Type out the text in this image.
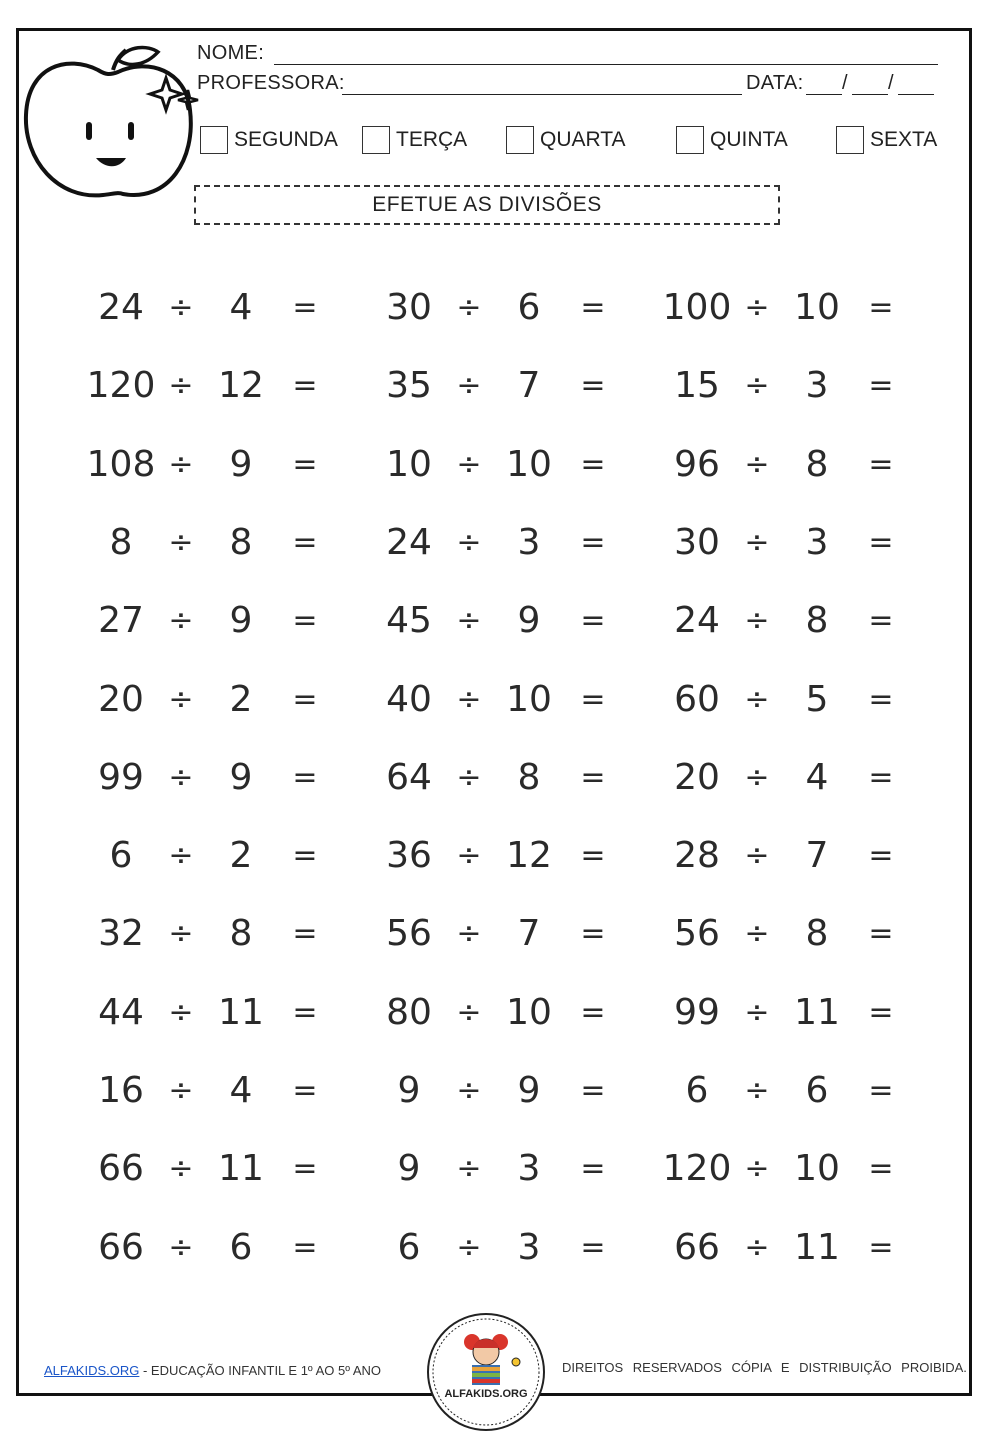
NOME:
PROFESSORA:	DATA: / /
SEGUNDA	TERÇA	QUARTA	QUINTA	SEXTA
EFETUE AS DIVISÕES
24 ÷ 4	=	30 ÷ 6	=	100 ÷ 10 =
120 ÷ 12 =	35 ÷ 7	=	15 ÷ 3	=
108 ÷ 9	=	10 ÷ 10 =	96 ÷ 8	=
8	÷ 8	=	24 ÷ 3	=	30 ÷ 3	=
27 ÷ 9	=	45 ÷ 9	=	24 ÷ 8	=
20 ÷ 2	=	40 ÷ 10 =	60 ÷ 5	=
99 ÷ 9	=	64 ÷ 8	=	20 ÷ 4	=
6	÷ 2	=	36 ÷ 12 =	28 ÷ 7	=
32 ÷ 8	=	56 ÷ 7	=	56 ÷ 8	=
44 ÷ 11 =	80 ÷ 10 =	99 ÷ 11 =
16 ÷ 4	=	9	÷ 9	=	6	÷ 6	=
66 ÷ 11 =	9	÷ 3	=	120 ÷ 10 =
66 ÷ 6	=	6	÷ 3	=	66 ÷ 11 =
ALFAKIDS.ORG - EDUCAÇÃO INFANTIL E 1º AO 5º ANO
ALFAKIDS.ORG
DIREITOS RESERVADOS CÓPIA E DISTRIBUIÇÃO PROIBIDA.
